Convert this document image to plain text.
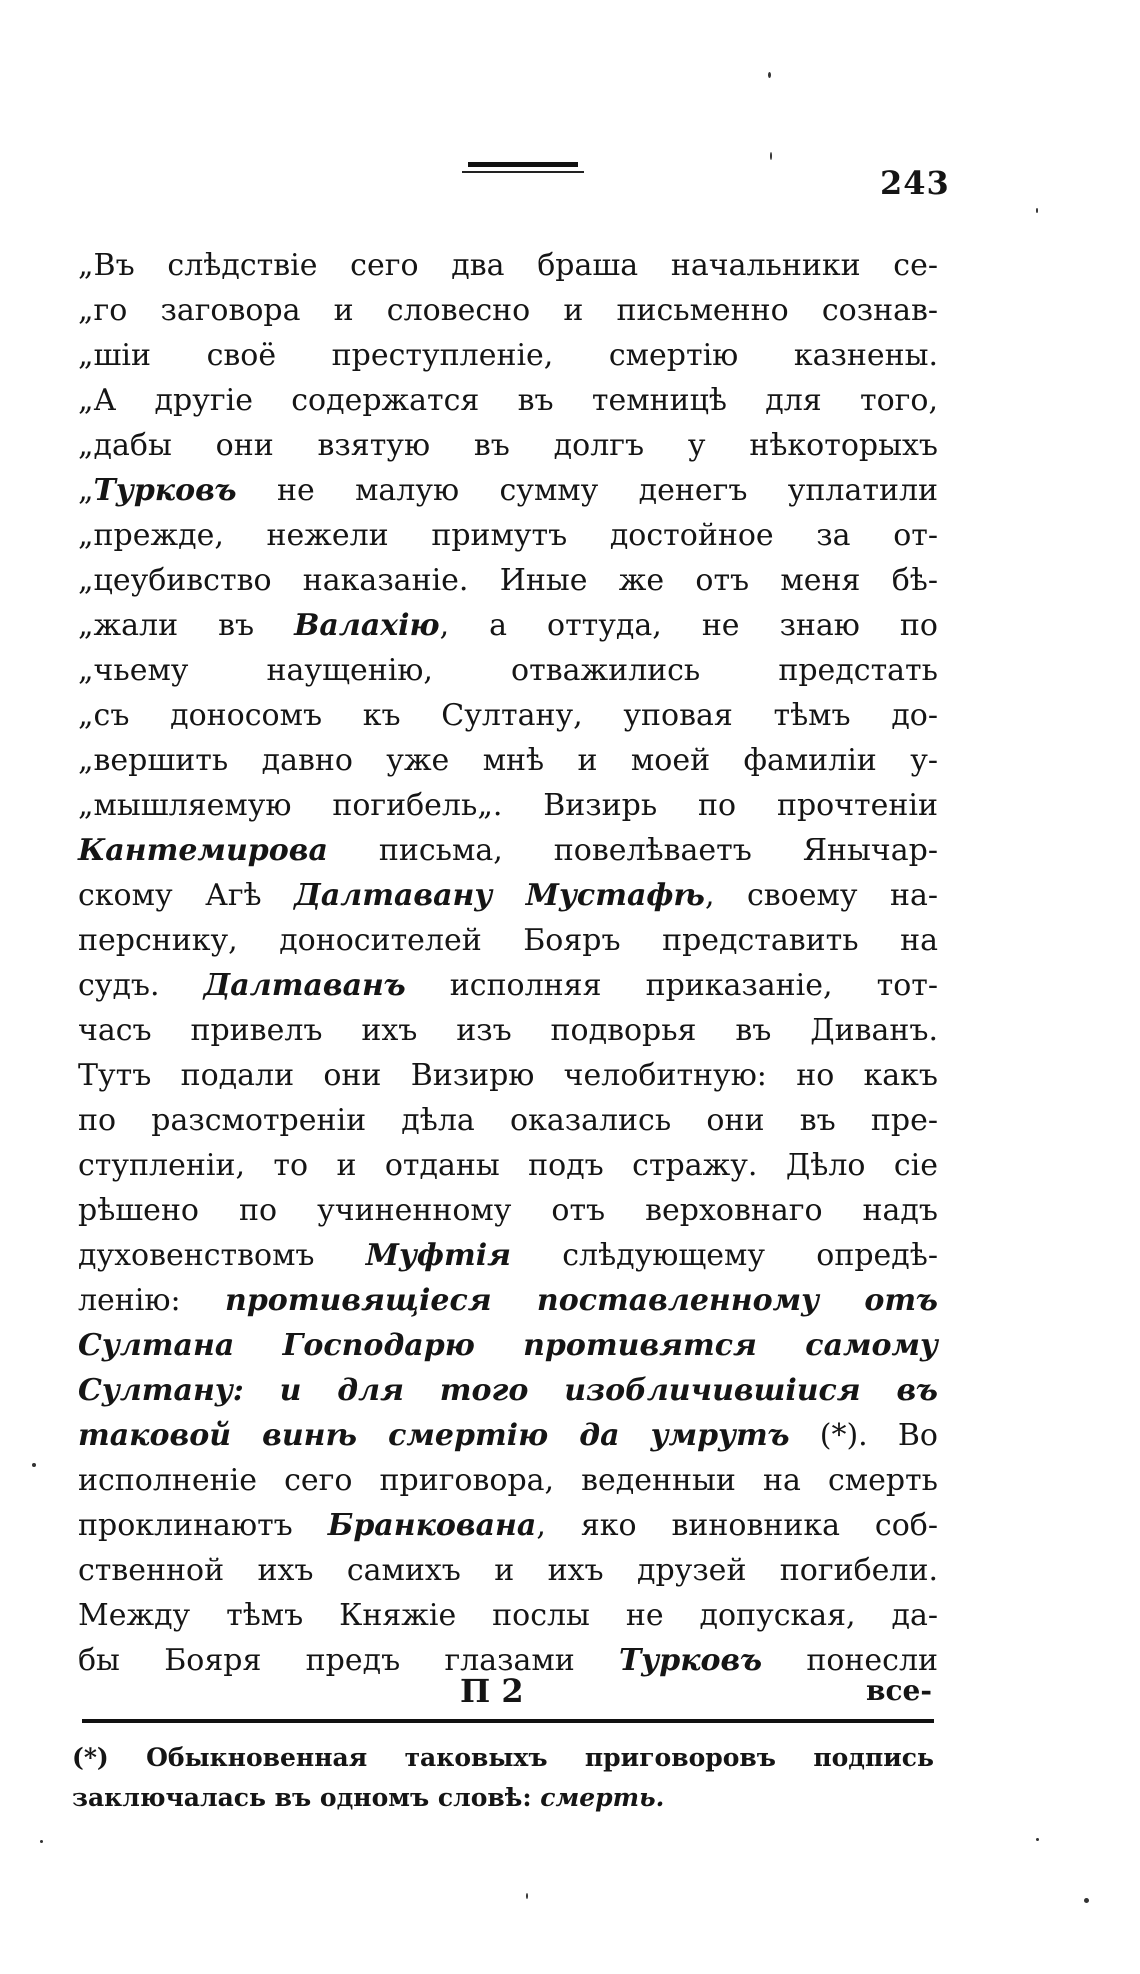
243
„Въ слѣдствіе сего два браша начальники се-
„го заговора и словесно и письменно сознав-
„шіи своё преступленіе, смертію казнены.
„А другіе содержатся въ темницѣ для того,
„дабы они взятую въ долгъ у нѣкоторыхъ
„Турковъ не малую сумму денегъ уплатили
„прежде, нежели примутъ достойное за от-
„цеубивство наказаніе. Иные же отъ меня бѣ-
„жали въ Валахію, а оттуда, не знаю по
„чьему наущенію, отважились предстать
„съ доносомъ къ Султану, уповая тѣмъ до-
„вершить давно уже мнѣ и моей фамиліи у-
„мышляемую погибель„. Визирь по прочтеніи
Кантемирова письма, повелѣваетъ Янычар-
скому Агѣ Далтавану Мустафѣ, своему на-
перснику, доносителей Бояръ представить на
судъ. Далтаванъ исполняя приказаніе, тот-
часъ привелъ ихъ изъ подворья въ Диванъ.
Тутъ подали они Визирю челобитную: но какъ
по разсмотреніи дѣла оказались они въ пре-
ступленіи, то и отданы подъ стражу. Дѣло сіе
рѣшено по учиненному отъ верховнаго надъ
духовенствомъ Муфтія слѣдующему опредѣ-
ленію: противящіеся поставленному отъ
Султана Господарю противятся самому
Султану: и для того изобличившіися въ
таковой винѣ смертію да умрутъ (*). Во
исполненіе сего приговора, веденныи на смерть
проклинаютъ Бранкована, яко виновника соб-
ственной ихъ самихъ и ихъ друзей погибели.
Между тѣмъ Княжіе послы не допуская, да-
бы Бояря предъ глазами Турковъ понесли
П 2	все-
(*) Обыкновенная таковыхъ приговоровъ подпись
заключалась въ одномъ словѣ: смерть.
